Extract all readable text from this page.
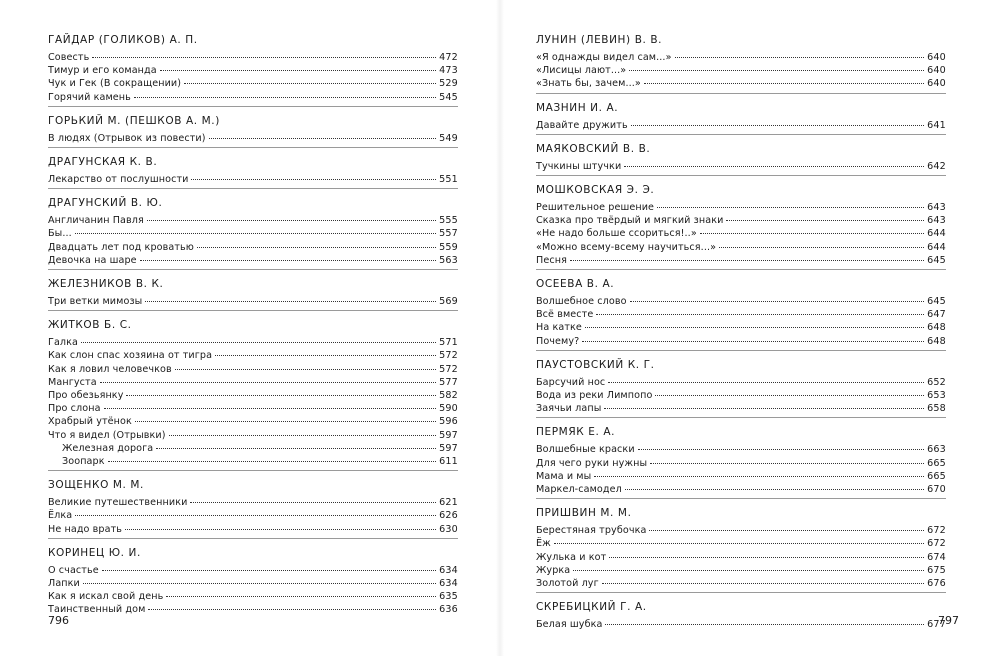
ГАЙДАР (ГОЛИКОВ) А. П.
Совесть	472
Тимур и его команда	473
Чук и Гек (В сокращении)	529
Горячий камень	545
ГОРЬКИЙ М. (ПЕШКОВ А. М.)
В людях (Отрывок из повести)	549
ДРАГУНСКАЯ К. В.
Лекарство от послушности	551
ДРАГУНСКИЙ В. Ю.
Англичанин Павля	555
Бы...	557
Двадцать лет под кроватью	559
Девочка на шаре	563
ЖЕЛЕЗНИКОВ В. К.
Три ветки мимозы	569
ЖИТКОВ Б. С.
Галка	571
Как слон спас хозяина от тигра	572
Как я ловил человечков	572
Мангуста	577
Про обезьянку	582
Про слона	590
Храбрый утёнок	596
Что я видел (Отрывки)	597
Железная дорога	597
Зоопарк	611
ЗОЩЕНКО М. М.
Великие путешественники	621
Ёлка	626
Не надо врать	630
КОРИНЕЦ Ю. И.
О счастье	634
Лапки	634
Как я искал свой день	635
Таинственный дом	636
ЛУНИН (ЛЕВИН) В. В.
«Я однажды видел сам...»	640
«Лисицы лают...»	640
«Знать бы, зачем...»	640
МАЗНИН И. А.
Давайте дружить	641
МАЯКОВСКИЙ В. В.
Тучкины штучки	642
МОШКОВСКАЯ Э. Э.
Решительное решение	643
Сказка про твёрдый и мягкий знаки	643
«Не надо больше ссориться!..»	644
«Можно всему-всему научиться...»	644
Песня	645
ОСЕЕВА В. А.
Волшебное слово	645
Всё вместе	647
На катке	648
Почему?	648
ПАУСТОВСКИЙ К. Г.
Барсучий нос	652
Вода из реки Лимпопо	653
Заячьи лапы	658
ПЕРМЯК Е. А.
Волшебные краски	663
Для чего руки нужны	665
Мама и мы	665
Маркел-самодел	670
ПРИШВИН М. М.
Берестяная трубочка	672
Ёж	672
Жулька и кот	674
Журка	675
Золотой луг	676
СКРЕБИЦКИЙ Г. А.
Белая шубка	677
796	797
